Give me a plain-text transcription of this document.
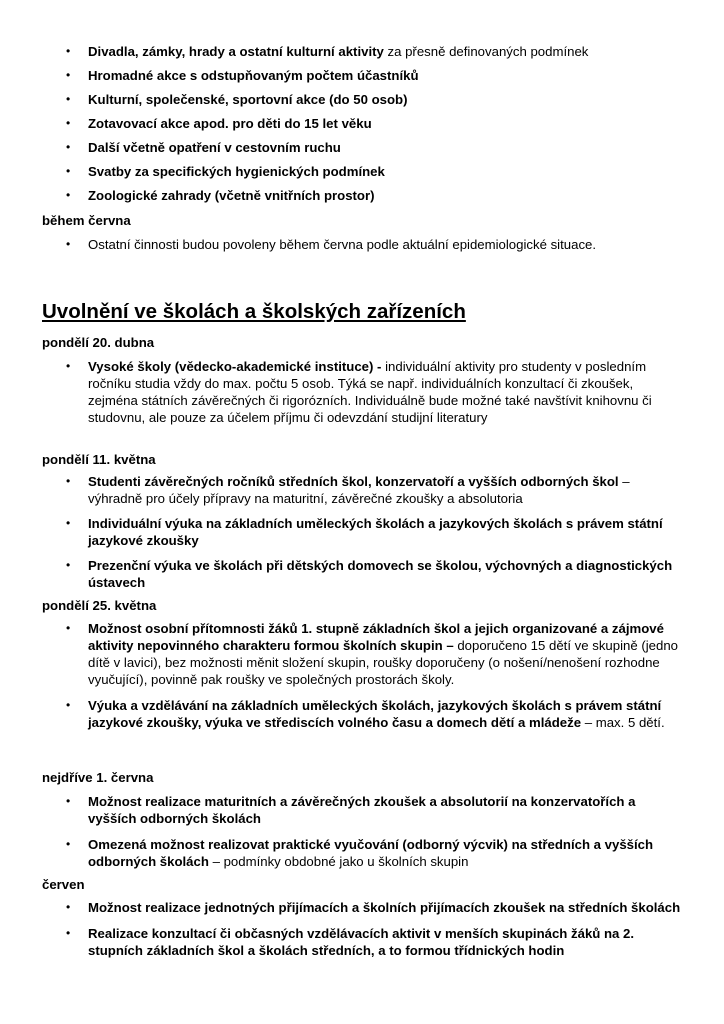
• Divadla, zámky, hrady a ostatní kulturní aktivity za přesně definovaných podmínek
• Hromadné akce s odstupňovaným počtem účastníků
• Kulturní, společenské, sportovní akce (do 50 osob)
• Zotavovací akce apod. pro děti do 15 let věku
• Další včetně opatření v cestovním ruchu
• Svatby za specifických hygienických podmínek
• Zoologické zahrady (včetně vnitřních prostor)
během června
• Ostatní činnosti budou povoleny během června podle aktuální epidemiologické situace.
Uvolnění ve školách a školských zařízeních
pondělí 20. dubna
• Vysoké školy (vědecko-akademické instituce) - individuální aktivity pro studenty v posledním ročníku studia vždy do max. počtu 5 osob. Týká se např. individuálních konzultací či zkoušek, zejména státních závěrečných či rigorózních. Individuálně bude možné také navštívit knihovnu či studovnu, ale pouze za účelem příjmu či odevzdání studijní literatury
pondělí 11. května
• Studenti závěrečných ročníků středních škol, konzervatoří a vyšších odborných škol – výhradně pro účely přípravy na maturitní, závěrečné zkoušky a absolutoria
• Individuální výuka na základních uměleckých školách a jazykových školách s právem státní jazykové zkoušky
• Prezenční výuka ve školách při dětských domovech se školou, výchovných a diagnostických ústavech
pondělí 25. května
• Možnost osobní přítomnosti žáků 1. stupně základních škol a jejich organizované a zájmové aktivity nepovinného charakteru formou školních skupin – doporučeno 15 dětí ve skupině (jedno dítě v lavici), bez možnosti měnit složení skupin, roušky doporučeny (o nošení/nenošení rozhodne vyučující), povinně pak roušky ve společných prostorách školy.
• Výuka a vzdělávání na základních uměleckých školách, jazykových školách s právem státní jazykové zkoušky, výuka ve střediscích volného času a domech dětí a mládeže – max. 5 dětí.
nejdříve 1. června
• Možnost realizace maturitních a závěrečných zkoušek a absolutorií na konzervatořích a vyšších odborných školách
• Omezená možnost realizovat praktické vyučování (odborný výcvik) na středních a vyšších odborných školách – podmínky obdobné jako u školních skupin
červen
• Možnost realizace jednotných přijímacích a školních přijímacích zkoušek na středních školách
• Realizace konzultací či občasných vzdělávacích aktivit v menších skupinách žáků na 2. stupních základních škol a školách středních, a to formou třídnických hodin
